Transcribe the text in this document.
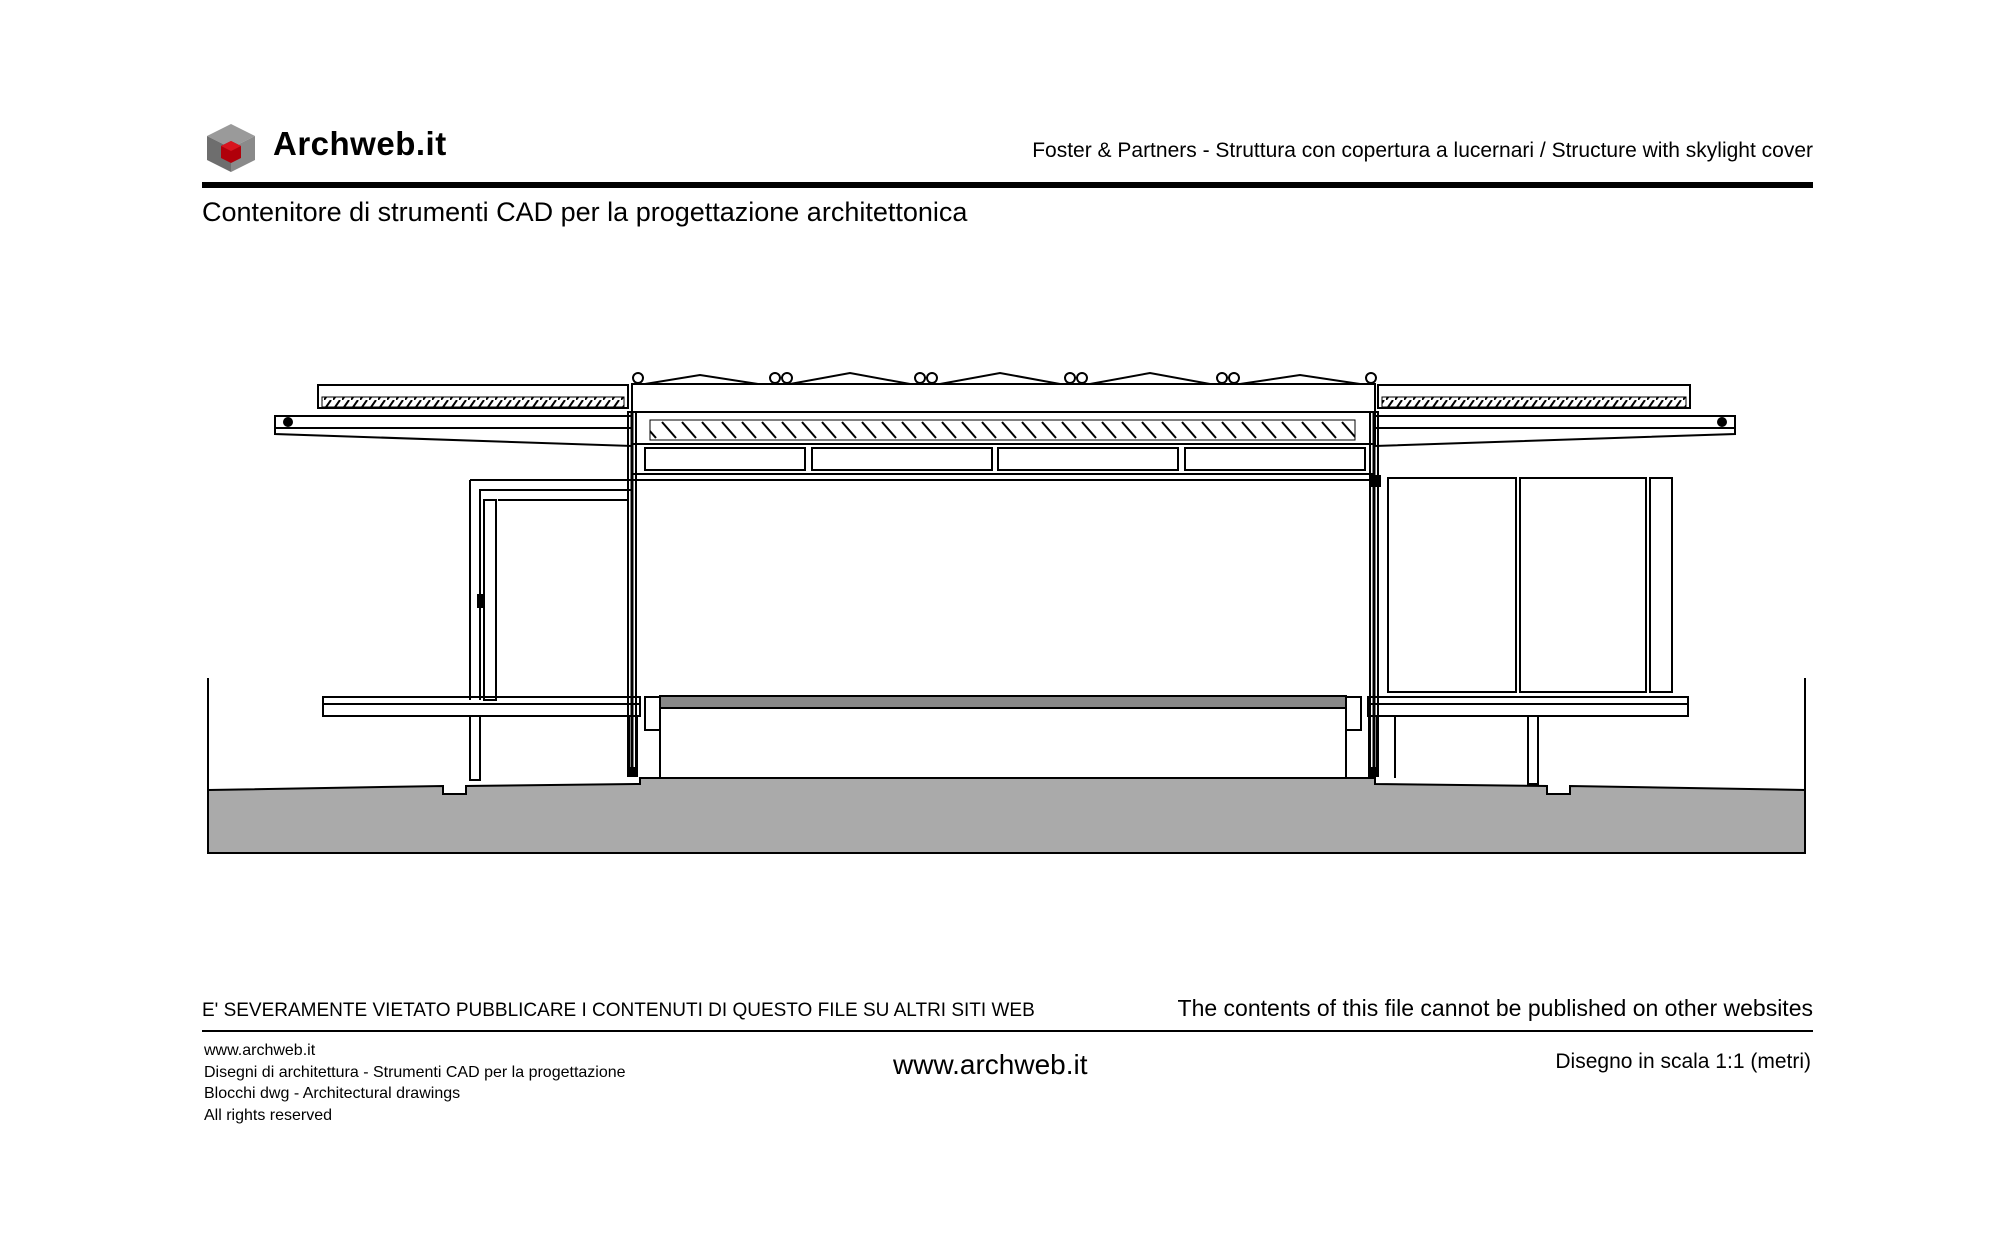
Archweb.it	Foster & Partners - Struttura con copertura a lucernari / Structure with skylight cover
Contenitore di strumenti CAD per la progettazione architettonica
E' SEVERAMENTE VIETATO PUBBLICARE I CONTENUTI DI QUESTO FILE SU ALTRI SITI WEB	The contents of this file cannot be published on other websites
www.archweb.it
Disegni di architettura - Strumenti CAD per la progettazione
Blocchi dwg - Architectural drawings
All rights reserved
www.archweb.it	Disegno in scala 1:1 (metri)
